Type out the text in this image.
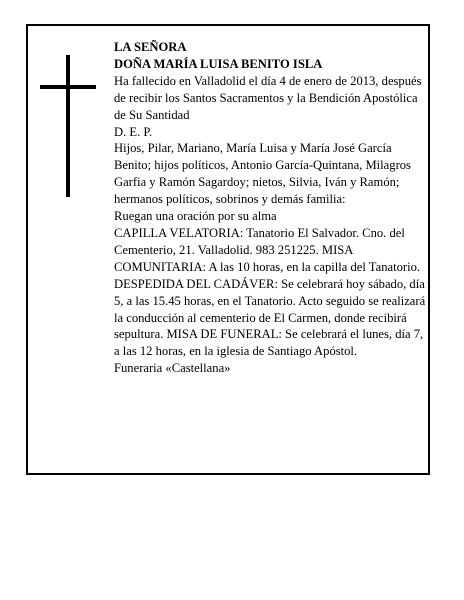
LA SEÑORA

DOÑA MARÍA LUISA BENITO ISLA

Ha fallecido en Valladolid el día 4 de enero de 2013, después de recibir los Santos Sacramentos y la Bendición Apostólica de Su Santidad

D. E. P.

Hijos, Pilar, Mariano, María Luisa y María José García Benito; hijos políticos, Antonio García-Quintana, Milagros Garfia y Ramón Sagardoy; nietos, Silvia, Iván y Ramón; hermanos políticos, sobrinos y demás familia:

Ruegan una oración por su alma

CAPILLA VELATORIA: Tanatorio El Salvador. Cno. del Cementerio, 21. Valladolid. 983 251225. MISA COMUNITARIA: A las 10 horas, en la capilla del Tanatorio.

DESPEDIDA DEL CADÁVER: Se celebrará hoy sábado, día 5, a las 15.45 horas, en el Tanatorio. Acto seguido se realizará la conducción al cementerio de El Carmen, donde recibirá sepultura. MISA DE FUNERAL: Se celebrará el lunes, día 7, a las 12 horas, en la iglesia de Santiago Apóstol.

Funeraria «Castellana»
